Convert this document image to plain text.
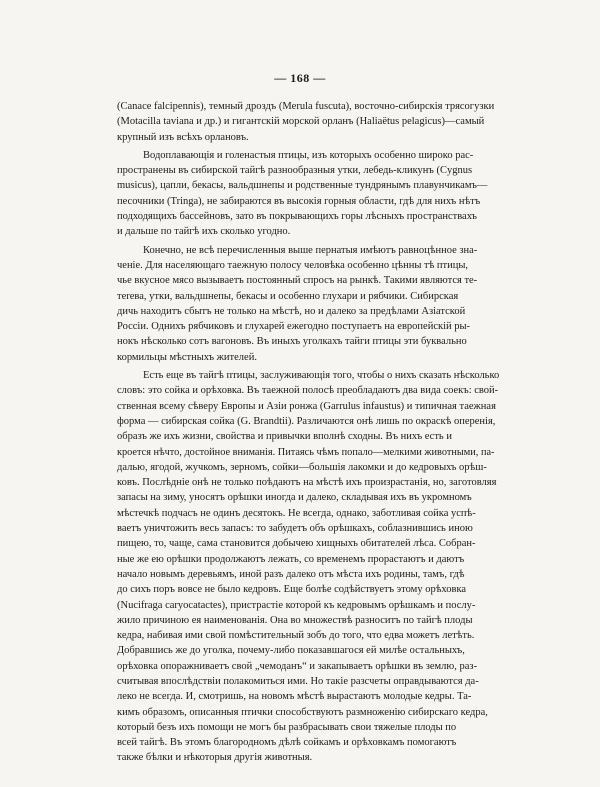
— 168 —

(Canace falcipennis), темный дроздъ (Merula fuscuta), восточно-сибирскія трясогузки
(Motacilla taviana и др.) и гигантскій морской орланъ (Haliaëtus pelagicus)—самый
крупный изъ всѣхъ орлановъ.

Водоплавающія и голенастыя птицы, изъ которыхъ особенно широко рас-
пространены въ сибирской тайгѣ разнообразныя утки, лебедь-кликунъ (Cygnus
musicus), цапли, бекасы, вальдшнепы и родственные тундрянымъ плавунчикамъ—
песочники (Tringa), не забираются въ высокія горныя области, гдѣ для нихъ нѣтъ
подходящихъ бассейновъ, зато въ покрывающихъ горы лѣсныхъ пространствахъ
и дальше по тайгѣ ихъ сколько угодно.

Конечно, не всѣ перечисленныя выше пернатыя имѣютъ равноцѣнное зна-
ченіе. Для населяющаго таежную полосу человѣка особенно цѣнны тѣ птицы,
чье вкусное мясо вызываетъ постоянный спросъ на рынкѣ. Такими являются те-
тerева, утки, вальдшнепы, бекасы и особенно глухари и рябчики. Сибирская
дичь находитъ сбытъ не только на мѣстѣ, но и далеко за предѣлами Азіатской
Россіи. Однихъ рябчиковъ и глухарей ежегодно поступаетъ на европейскій ры-
нокъ нѣсколько сотъ вагоновъ. Въ иныхъ уголкахъ тайги птицы эти буквально
кормильцы мѣстныхъ жителей.

Есть еще въ тайгѣ птицы, заслуживающія того, чтобы о нихъ сказать нѣсколько
словъ: это сойка и орѣховка. Въ таежной полосѣ преобладаютъ два вида соекъ: свой-
ственная всему сѣверу Европы и Азіи ронжа (Garrulus infaustus) и типичная таежная
форма — сибирская сойка (G. Brandtii). Различаются онѣ лишь по окраскѣ оперенія,
образъ же ихъ жизни, свойства и привычки вполнѣ сходны. Въ нихъ есть и
кроется нѣчто, достойное вниманія. Питаясь чѣмъ попало—мелкими животными, па-
далью, ягодой, жучкомъ, зерномъ, сойки—большія лакомки и до кедровыхъ орѣш-
ковъ. Послѣдніе онѣ не только поѣдаютъ на мѣстѣ ихъ произрастанія, но, заготовляя
запасы на зиму, уносятъ орѣшки иногда и далеко, складывая ихъ въ укромномъ
мѣстечкѣ подчасъ не одинъ десятокъ. Не всегда, однако, заботливая сойка успѣ-
ваетъ уничтожить весь запасъ: то забудетъ объ орѣшкахъ, соблазнившись иною
пищею, то, чаще, сама становится добычею хищныхъ обитателей лѣса. Собран-
ные же ею орѣшки продолжаютъ лежать, со временемъ прорастаютъ и даютъ
начало новымъ деревьямъ, иной разъ далеко отъ мѣста ихъ родины, тамъ, гдѣ
до сихъ поръ вовсе не было кедровъ. Еще болѣе содѣйствуетъ этому орѣховка
(Nucifraga caryocatactes), пристрастіе которой къ кедровымъ орѣшкамъ и послу-
жило причиною ея наименованія. Она во множествѣ разноситъ по тайгѣ плоды
кедра, набивая ими свой помѣстительный зобъ до того, что едва можетъ летѣть.
Добравшись же до уголка, почему-либо показавшагося ей милѣе остальныхъ,
орѣховка опоражниваетъ свой „чемоданъ“ и закапываетъ орѣшки въ землю, раз-
считывая впослѣдствіи полакомиться ими. Но такіе разсчеты оправдываются да-
леко не всегда. И, смотришь, на новомъ мѣстѣ вырастаютъ молодые кедры. Та-
кимъ образомъ, описанныя птички способствуютъ размноженію сибирскаго кедра,
который безъ ихъ помощи не могъ бы разбрасывать свои тяжелые плоды по
всей тайгѣ. Въ этомъ благородномъ дѣлѣ сойкамъ и орѣховкамъ помогаютъ
также бѣлки и нѣкоторыя другія животныя.
